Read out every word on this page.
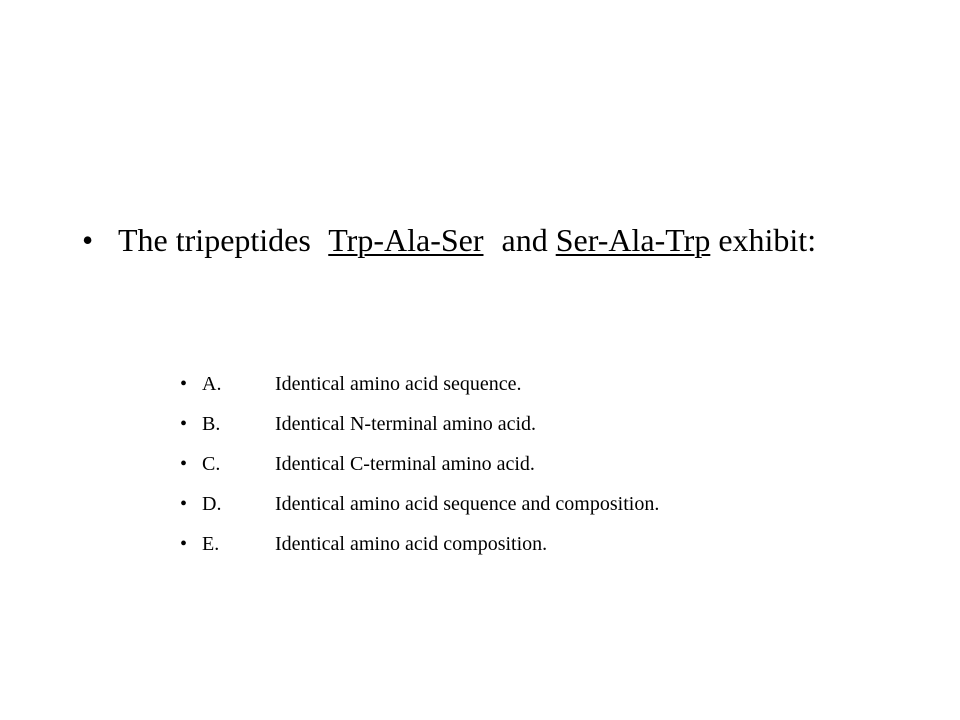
• The tripeptides Trp-Ala-Ser and Ser-Ala-Trp exhibit:
• A.	Identical amino acid sequence.
• B.	Identical N-terminal amino acid.
• C.	Identical C-terminal amino acid.
• D.	Identical amino acid sequence and composition.
• E.	Identical amino acid composition.
